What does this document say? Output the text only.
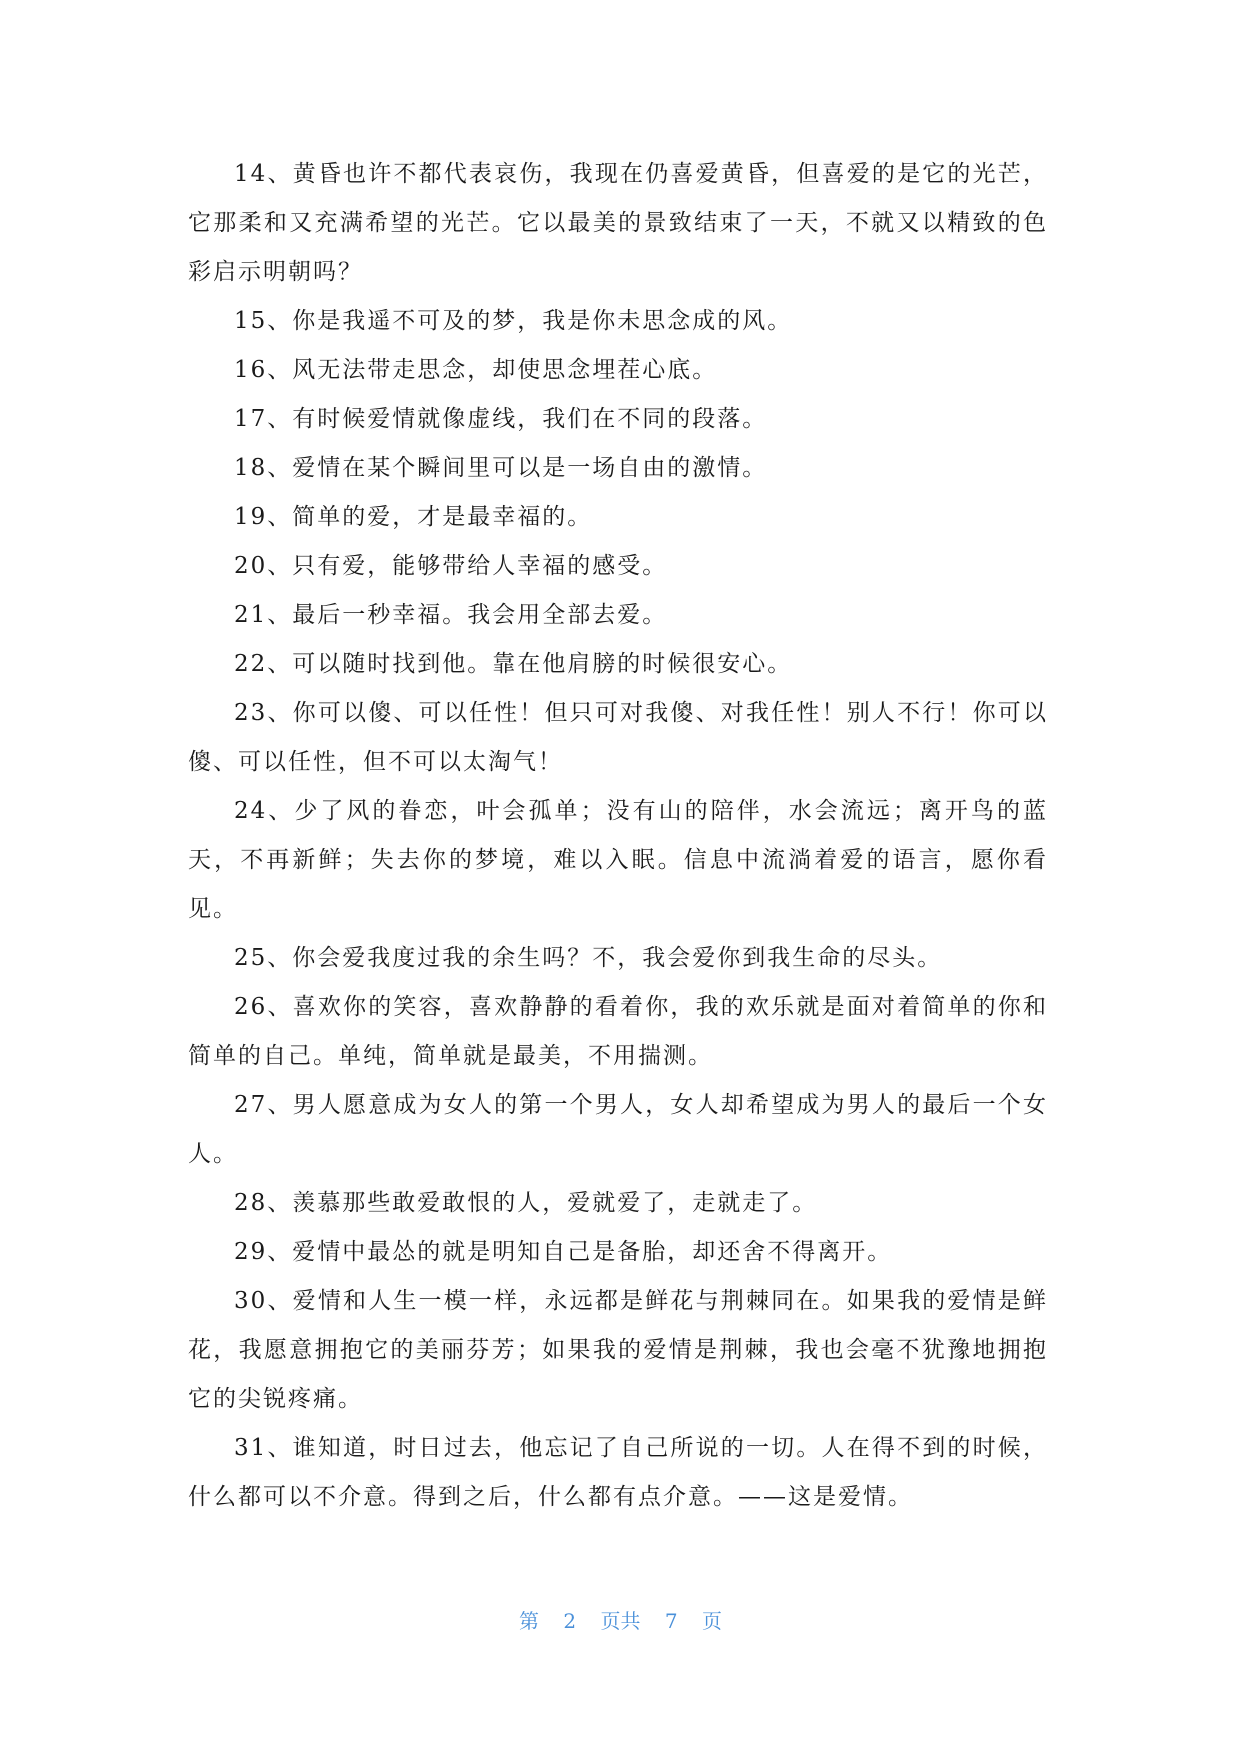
14、黄昏也许不都代表哀伤，我现在仍喜爱黄昏，但喜爱的是它的光芒，它那柔和又充满希望的光芒。它以最美的景致结束了一天，不就又以精致的色彩启示明朝吗？

15、你是我遥不可及的梦，我是你未思念成的风。

16、风无法带走思念，却使思念埋茬心底。

17、有时候爱情就像虚线，我们在不同的段落。

18、爱情在某个瞬间里可以是一场自由的激情。

19、简单的爱，才是最幸福的。

20、只有爱，能够带给人幸福的感受。

21、最后一秒幸福。我会用全部去爱。

22、可以随时找到他。靠在他肩膀的时候很安心。

23、你可以傻、可以任性！但只可对我傻、对我任性！别人不行！你可以傻、可以任性，但不可以太淘气！

24、少了风的眷恋，叶会孤单；没有山的陪伴，水会流远；离开鸟的蓝天，不再新鲜；失去你的梦境，难以入眠。信息中流淌着爱的语言，愿你看见。

25、你会爱我度过我的余生吗？不，我会爱你到我生命的尽头。

26、喜欢你的笑容，喜欢静静的看着你，我的欢乐就是面对着简单的你和简单的自己。单纯，简单就是最美，不用揣测。

27、男人愿意成为女人的第一个男人，女人却希望成为男人的最后一个女人。

28、羡慕那些敢爱敢恨的人，爱就爱了，走就走了。

29、爱情中最怂的就是明知自己是备胎，却还舍不得离开。

30、爱情和人生一模一样，永远都是鲜花与荆棘同在。如果我的爱情是鲜花，我愿意拥抱它的美丽芬芳；如果我的爱情是荆棘，我也会毫不犹豫地拥抱它的尖锐疼痛。

31、谁知道，时日过去，他忘记了自己所说的一切。人在得不到的时候，什么都可以不介意。得到之后，什么都有点介意。——这是爱情。

第 2 页共 7 页
